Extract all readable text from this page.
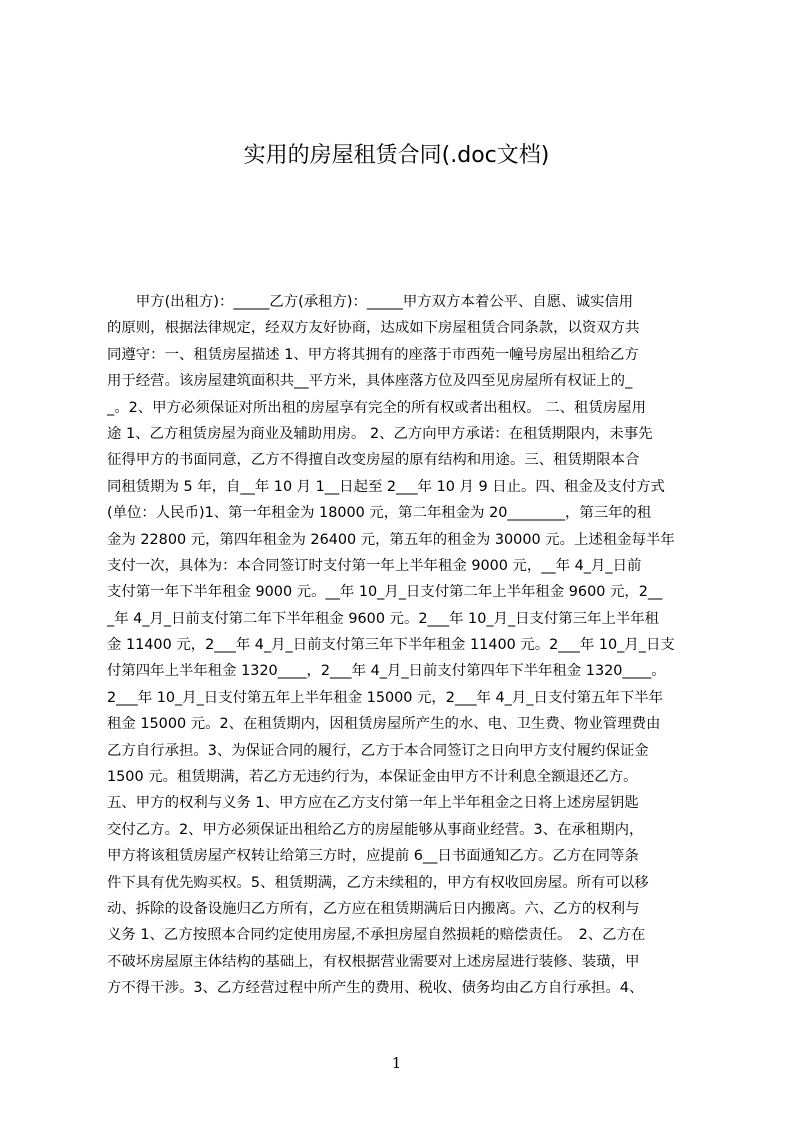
实用的房屋租赁合同(.doc文档)
　　甲方(出租方)：_____乙方(承租方)：_____甲方双方本着公平、自愿、诚实信用
的原则，根据法律规定，经双方友好协商，达成如下房屋租赁合同条款，以资双方共
同遵守：一、租赁房屋描述 1、甲方将其拥有的座落于市西苑一幢号房屋出租给乙方
用于经营。该房屋建筑面积共__平方米，具体座落方位及四至见房屋所有权证上的_
_。2、甲方必须保证对所出租的房屋享有完全的所有权或者出租权。 二、租赁房屋用
途 1、乙方租赁房屋为商业及辅助用房。 2、乙方向甲方承诺：在租赁期限内，未事先
征得甲方的书面同意，乙方不得擅自改变房屋的原有结构和用途。三、租赁期限本合
同租赁期为 5 年，自__年 10 月 1__日起至 2___年 10 月 9 日止。四、租金及支付方式
(单位：人民币)1、第一年租金为 18000 元，第二年租金为 20________，第三年的租
金为 22800 元，第四年租金为 26400 元，第五年的租金为 30000 元。上述租金每半年
支付一次，具体为：本合同签订时支付第一年上半年租金 9000 元，__年 4_月_日前
支付第一年下半年租金 9000 元。__年 10_月_日支付第二年上半年租金 9600 元，2__
_年 4_月_日前支付第二年下半年租金 9600 元。2___年 10_月_日支付第三年上半年租
金 11400 元，2___年 4_月_日前支付第三年下半年租金 11400 元。2___年 10_月_日支
付第四年上半年租金 1320____，2___年 4_月_日前支付第四年下半年租金 1320____。
2___年 10_月_日支付第五年上半年租金 15000 元，2___年 4_月_日支付第五年下半年
租金 15000 元。2、在租赁期内，因租赁房屋所产生的水、电、卫生费、物业管理费由
乙方自行承担。3、为保证合同的履行，乙方于本合同签订之日向甲方支付履约保证金
1500 元。租赁期满，若乙方无违约行为，本保证金由甲方不计利息全额退还乙方。
五、甲方的权利与义务 1、甲方应在乙方支付第一年上半年租金之日将上述房屋钥匙
交付乙方。2、甲方必须保证出租给乙方的房屋能够从事商业经营。3、在承租期内，
甲方将该租赁房屋产权转让给第三方时，应提前 6__日书面通知乙方。乙方在同等条
件下具有优先购买权。5、租赁期满，乙方未续租的，甲方有权收回房屋。所有可以移
动、拆除的设备设施归乙方所有，乙方应在租赁期满后日内搬离。六、乙方的权利与
义务 1、乙方按照本合同约定使用房屋,不承担房屋自然损耗的赔偿责任。　2、乙方在
不破坏房屋原主体结构的基础上，有权根据营业需要对上述房屋进行装修、装璜，甲
方不得干涉。3、乙方经营过程中所产生的费用、税收、债务均由乙方自行承担。4、
1
